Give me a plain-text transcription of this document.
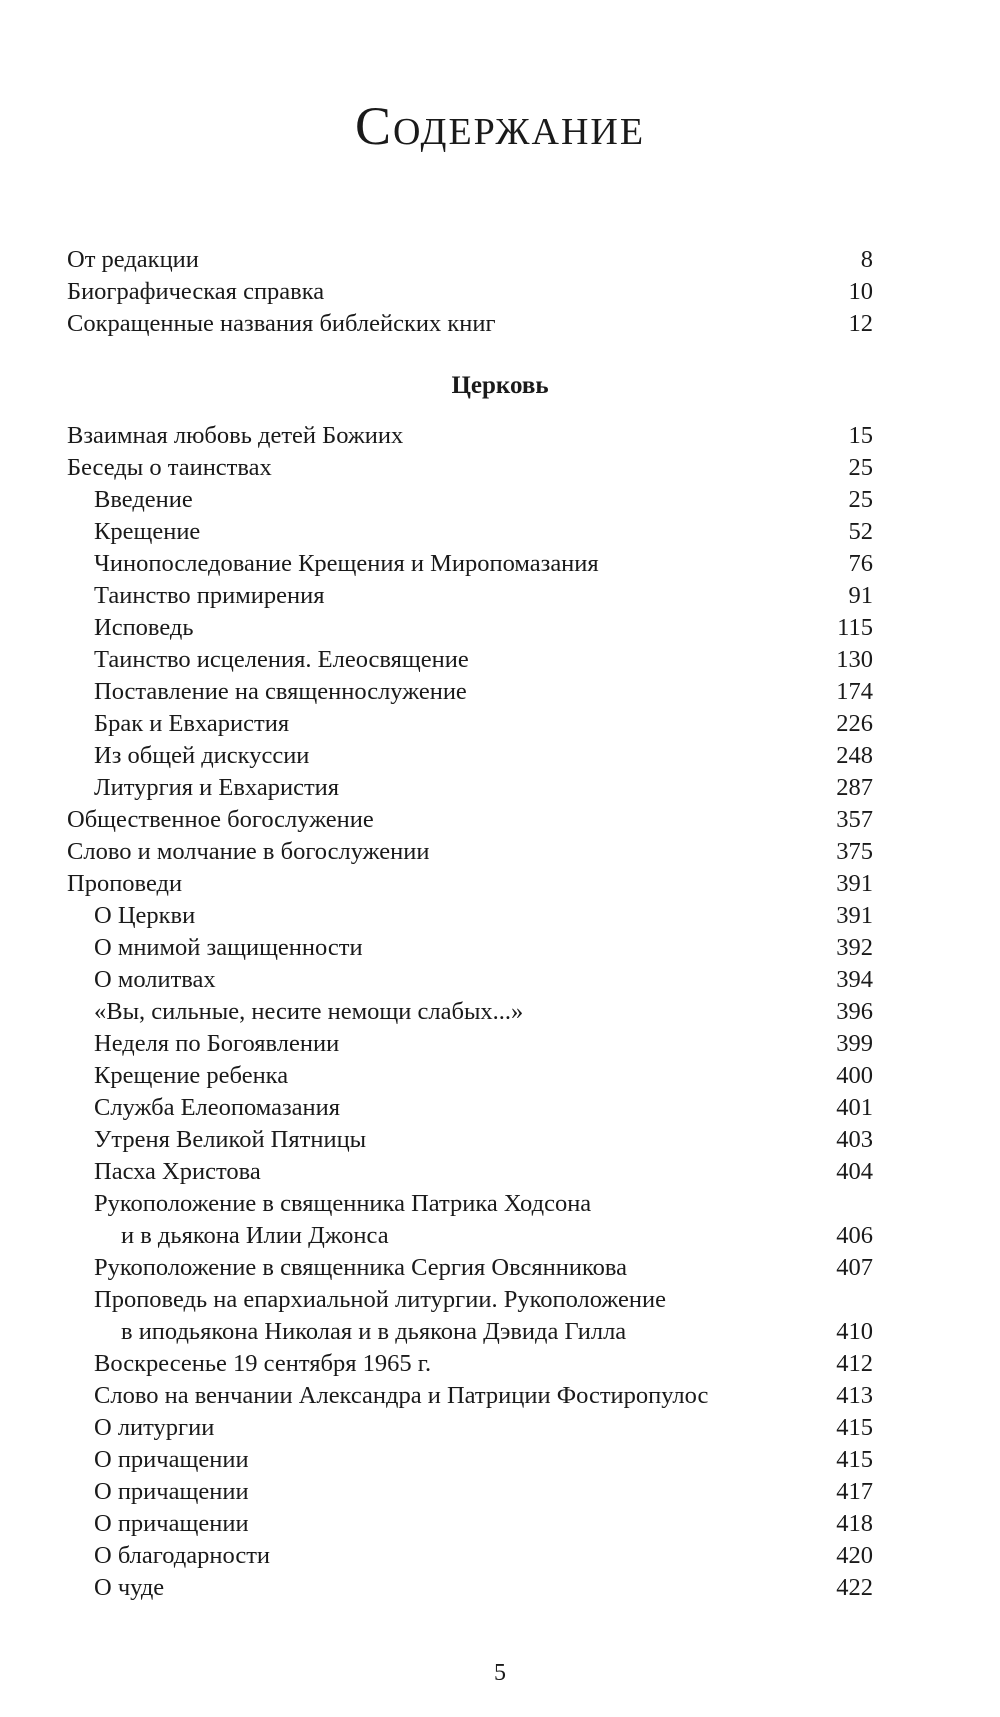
Содержание
От редакции	8
Биографическая справка	10
Сокращенные названия библейских книг	12
Церковь
Взаимная любовь детей Божиих	15
Беседы о таинствах	25
Введение	25
Крещение	52
Чинопоследование Крещения и Миропомазания	76
Таинство примирения	91
Исповедь	115
Таинство исцеления. Елеосвящение	130
Поставление на священнослужение	174
Брак и Евхаристия	226
Из общей дискуссии	248
Литургия и Евхаристия	287
Общественное богослужение	357
Слово и молчание в богослужении	375
Проповеди	391
О Церкви	391
О мнимой защищенности	392
О молитвах	394
«Вы, сильные, несите немощи слабых...»	396
Неделя по Богоявлении	399
Крещение ребенка	400
Служба Елеопомазания	401
Утреня Великой Пятницы	403
Пасха Христова	404
Рукоположение в священника Патрика Ходсона
и в дьякона Илии Джонса	406
Рукоположение в священника Сергия Овсянникова	407
Проповедь на епархиальной литургии. Рукоположение
в иподьякона Николая и в дьякона Дэвида Гилла	410
Воскресенье 19 сентября 1965 г.	412
Слово на венчании Александра и Патриции Фостиропулос	413
О литургии	415
О причащении	415
О причащении	417
О причащении	418
О благодарности	420
О чуде	422
5
